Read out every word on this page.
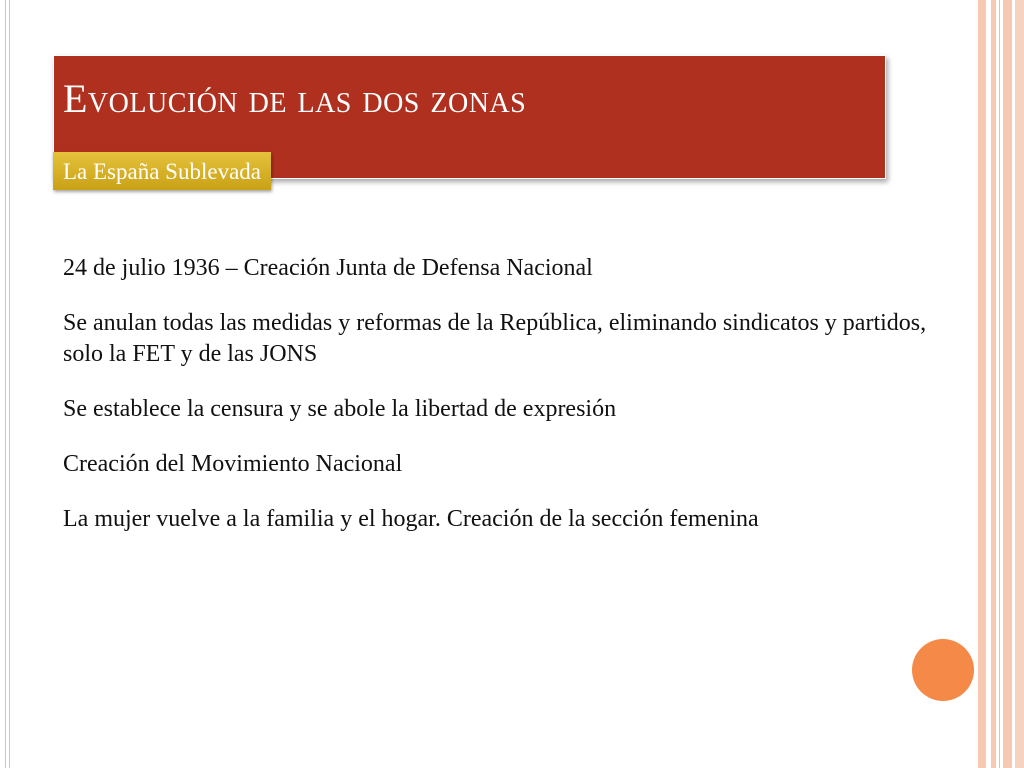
Evolución de las dos zonas
La España Sublevada

24 de julio 1936 – Creación Junta de Defensa Nacional

Se anulan todas las medidas y reformas de la República, eliminando sindicatos y partidos, solo la FET y de las JONS

Se establece la censura y se abole la libertad de expresión

Creación del Movimiento Nacional

La mujer vuelve a la familia y el hogar. Creación de la sección femenina
